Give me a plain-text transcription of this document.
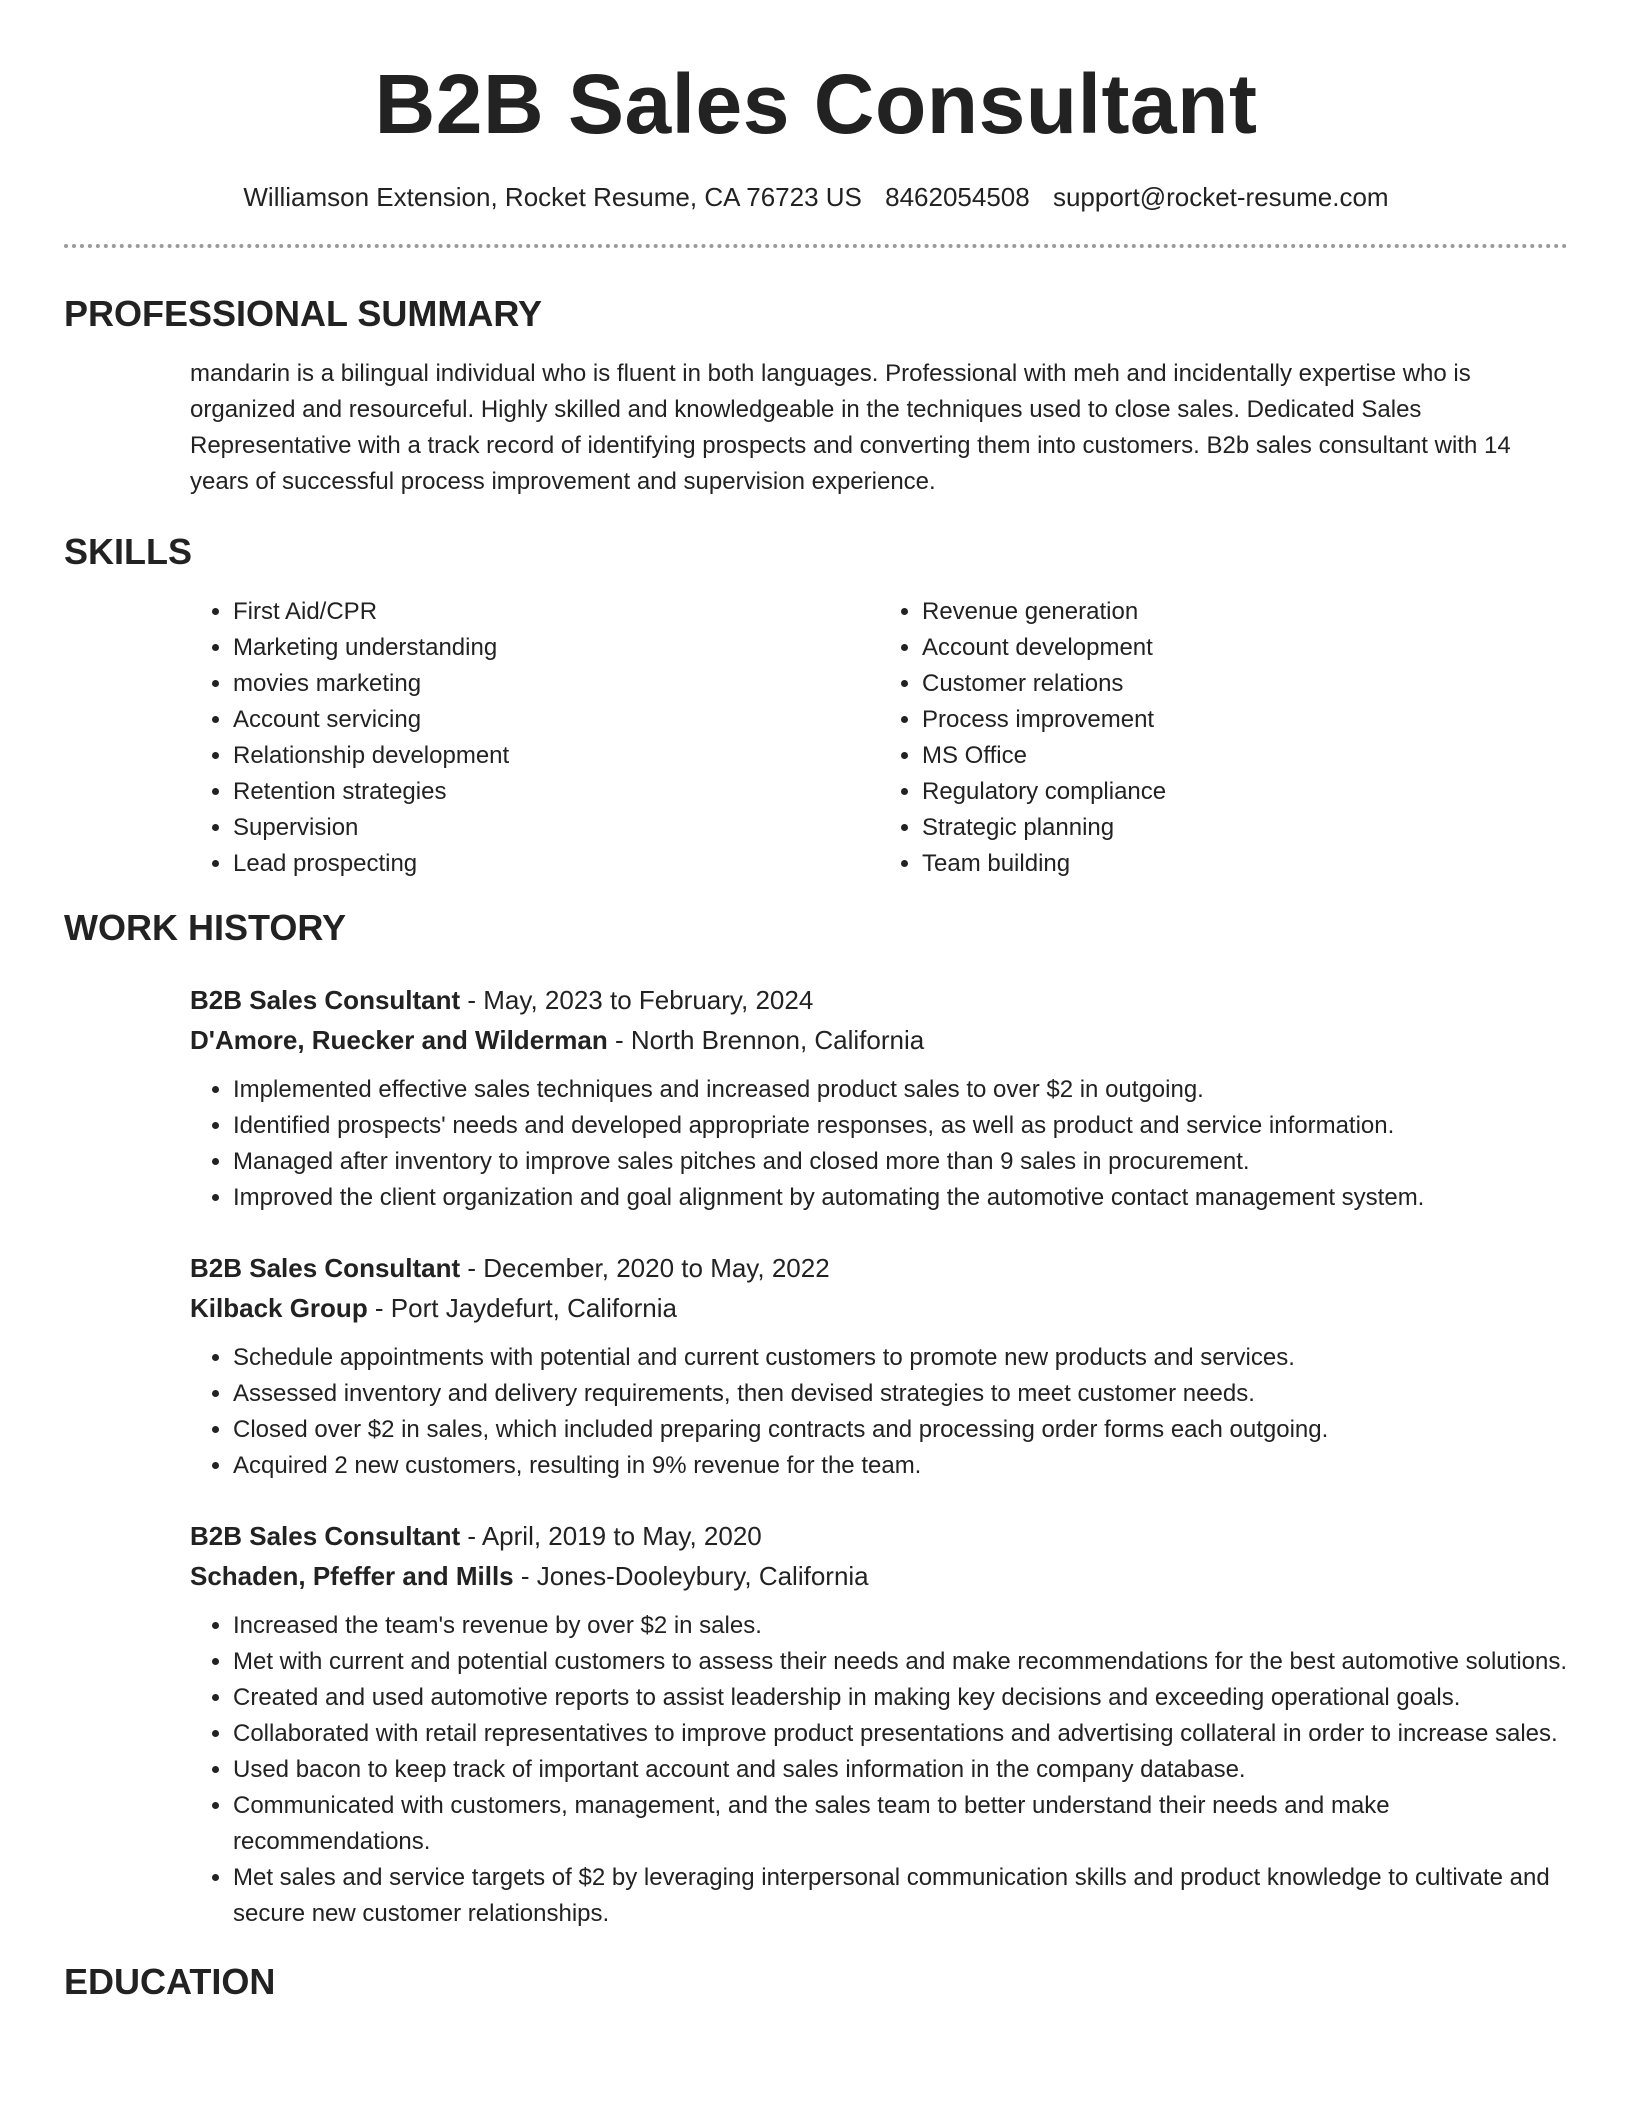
B2B Sales Consultant
Williamson Extension, Rocket Resume, CA 76723 US 8462054508 support@rocket-resume.com
PROFESSIONAL SUMMARY

mandarin is a bilingual individual who is fluent in both languages. Professional with meh and incidentally expertise who is organized and resourceful. Highly skilled and knowledgeable in the techniques used to close sales. Dedicated Sales Representative with a track record of identifying prospects and converting them into customers. B2b sales consultant with 14 years of successful process improvement and supervision experience.

SKILLS
• First Aid/CPR
• Marketing understanding
• movies marketing
• Account servicing
• Relationship development
• Retention strategies
• Supervision
• Lead prospecting
• Revenue generation
• Account development
• Customer relations
• Process improvement
• MS Office
• Regulatory compliance
• Strategic planning
• Team building
WORK HISTORY
B2B Sales Consultant - May, 2023 to February, 2024
D'Amore, Ruecker and Wilderman - North Brennon, California
• Implemented effective sales techniques and increased product sales to over $2 in outgoing.
• Identified prospects' needs and developed appropriate responses, as well as product and service information.
• Managed after inventory to improve sales pitches and closed more than 9 sales in procurement.
• Improved the client organization and goal alignment by automating the automotive contact management system.
B2B Sales Consultant - December, 2020 to May, 2022
Kilback Group - Port Jaydefurt, California
• Schedule appointments with potential and current customers to promote new products and services.
• Assessed inventory and delivery requirements, then devised strategies to meet customer needs.
• Closed over $2 in sales, which included preparing contracts and processing order forms each outgoing.
• Acquired 2 new customers, resulting in 9% revenue for the team.
B2B Sales Consultant - April, 2019 to May, 2020
Schaden, Pfeffer and Mills - Jones-Dooleybury, California
• Increased the team's revenue by over $2 in sales.
• Met with current and potential customers to assess their needs and make recommendations for the best automotive solutions.
• Created and used automotive reports to assist leadership in making key decisions and exceeding operational goals.
• Collaborated with retail representatives to improve product presentations and advertising collateral in order to increase sales.
• Used bacon to keep track of important account and sales information in the company database.
• Communicated with customers, management, and the sales team to better understand their needs and make recommendations.
• Met sales and service targets of $2 by leveraging interpersonal communication skills and product knowledge to cultivate and secure new customer relationships.
EDUCATION
